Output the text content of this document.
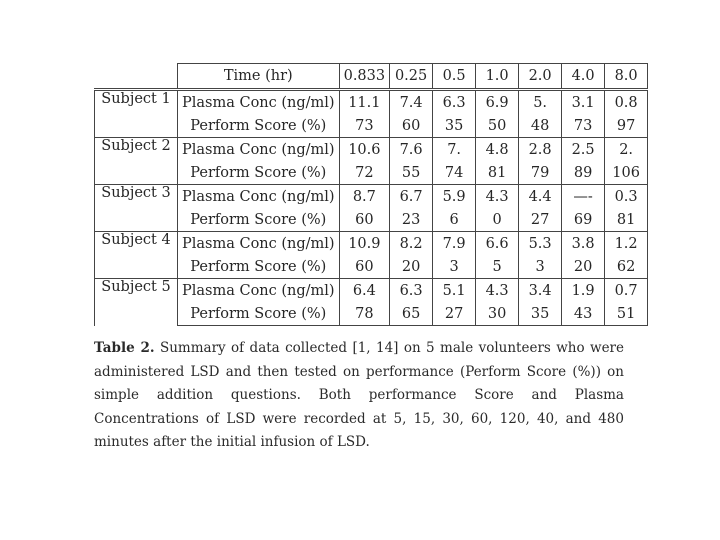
	Time (hr)	0.833	0.25	0.5	1.0	2.0	4.0	8.0
Subject 1	Plasma Conc (ng/ml)	11.1	7.4	6.3	6.9	5.	3.1	0.8
	Perform Score (%)	73	60	35	50	48	73	97
Subject 2	Plasma Conc (ng/ml)	10.6	7.6	7.	4.8	2.8	2.5	2.
	Perform Score (%)	72	55	74	81	79	89	106
Subject 3	Plasma Conc (ng/ml)	8.7	6.7	5.9	4.3	4.4	—-	0.3
	Perform Score (%)	60	23	6	0	27	69	81
Subject 4	Plasma Conc (ng/ml)	10.9	8.2	7.9	6.6	5.3	3.8	1.2
	Perform Score (%)	60	20	3	5	3	20	62
Subject 5	Plasma Conc (ng/ml)	6.4	6.3	5.1	4.3	3.4	1.9	0.7
	Perform Score (%)	78	65	27	30	35	43	51
Table 2. Summary of data collected [1, 14] on 5 male volunteers who were administered LSD and then tested on performance (Perform Score (%)) on simple addition questions. Both performance Score and Plasma Concentrations of LSD were recorded at 5, 15, 30, 60, 120, 40, and 480 minutes after the initial infusion of LSD.
